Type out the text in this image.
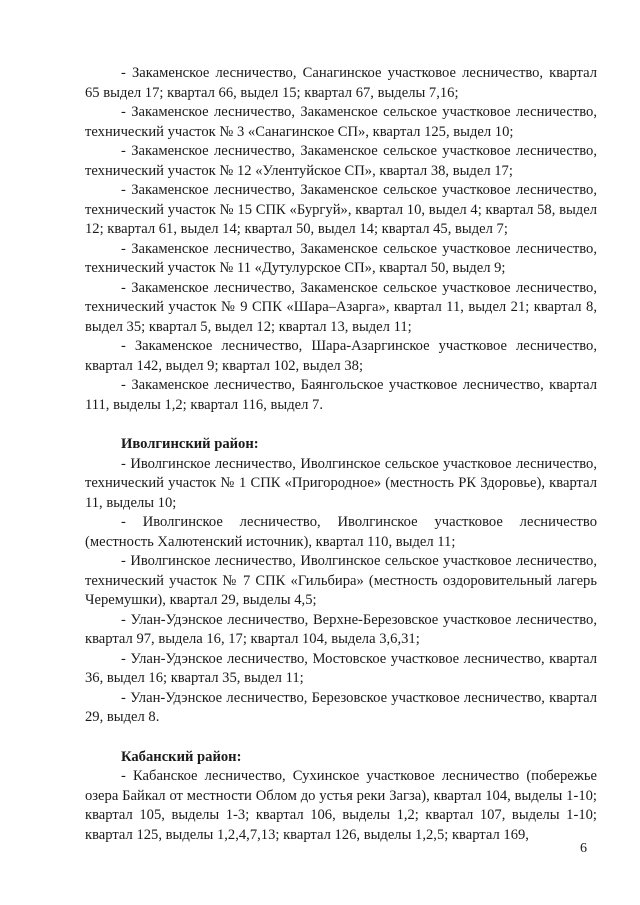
- Закаменское лесничество, Санагинское участковое лесничество, квартал 65 выдел 17; квартал 66, выдел 15; квартал 67, выделы 7,16;

- Закаменское лесничество, Закаменское сельское участковое лесничество, технический участок № 3 «Санагинское СП», квартал 125, выдел 10;

- Закаменское лесничество, Закаменское сельское участковое лесничество, технический участок № 12 «Улентуйское СП», квартал 38, выдел 17;

- Закаменское лесничество, Закаменское сельское участковое лесничество, технический участок № 15 СПК «Бургуй», квартал 10, выдел 4; квартал 58, выдел 12; квартал 61, выдел 14; квартал 50, выдел 14; квартал 45, выдел 7;

- Закаменское лесничество, Закаменское сельское участковое лесничество, технический участок № 11 «Дутулурское СП», квартал 50, выдел 9;

- Закаменское лесничество, Закаменское сельское участковое лесничество, технический участок № 9 СПК «Шара–Азарга», квартал 11, выдел 21; квартал 8, выдел 35; квартал 5, выдел 12; квартал 13, выдел 11;

- Закаменское лесничество, Шара-Азаргинское участковое лесничество, квартал 142, выдел 9; квартал 102, выдел 38;

- Закаменское лесничество, Баянгольское участковое лесничество, квартал 111, выделы 1,2; квартал 116, выдел 7.

Иволгинский район:

- Иволгинское лесничество, Иволгинское сельское участковое лесничество, технический участок № 1 СПК «Пригородное» (местность РК Здоровье), квартал 11, выделы 10;

- Иволгинское лесничество, Иволгинское участковое лесничество (местность Халютенский источник), квартал 110, выдел 11;

- Иволгинское лесничество, Иволгинское сельское участковое лесничество, технический участок № 7 СПК «Гильбира» (местность оздоровительный лагерь Черемушки), квартал 29, выделы 4,5;

- Улан-Удэнское лесничество, Верхне-Березовское участковое лесничество, квартал 97, выдела 16, 17; квартал 104, выдела 3,6,31;

- Улан-Удэнское лесничество, Мостовское участковое лесничество, квартал 36, выдел 16; квартал 35, выдел 11;

- Улан-Удэнское лесничество, Березовское участковое лесничество, квартал 29, выдел 8.

Кабанский район:

- Кабанское лесничество, Сухинское участковое лесничество (побережье озера Байкал от местности Облом до устья реки Загза), квартал 104, выделы 1-10; квартал 105, выделы 1-3; квартал 106, выделы 1,2; квартал 107, выделы 1-10; квартал 125, выделы 1,2,4,7,13; квартал 126, выделы 1,2,5; квартал 169,

6
